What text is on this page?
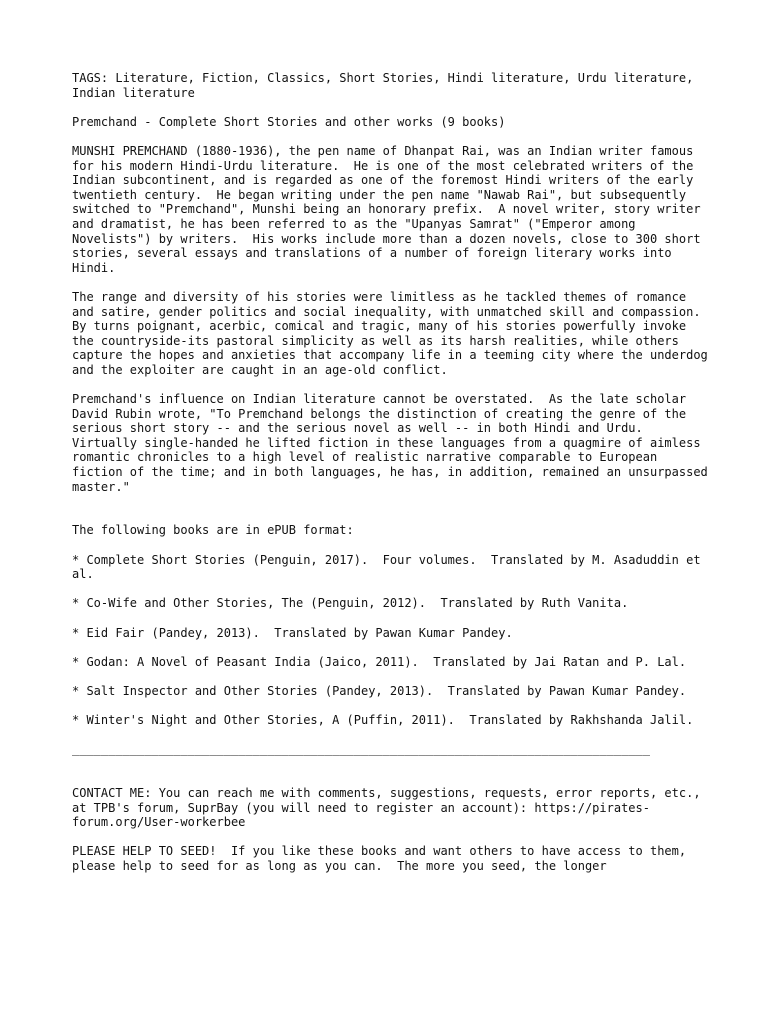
TAGS: Literature, Fiction, Classics, Short Stories, Hindi literature, Urdu literature, Indian literature

Premchand - Complete Short Stories and other works (9 books)

MUNSHI PREMCHAND (1880-1936), the pen name of Dhanpat Rai, was an Indian writer famous for his modern Hindi-Urdu literature.  He is one of the most celebrated writers of the Indian subcontinent, and is regarded as one of the foremost Hindi writers of the early twentieth century.  He began writing under the pen name "Nawab Rai", but subsequently switched to "Premchand", Munshi being an honorary prefix.  A novel writer, story writer and dramatist, he has been referred to as the "Upanyas Samrat" ("Emperor among Novelists") by writers.  His works include more than a dozen novels, close to 300 short stories, several essays and translations of a number of foreign literary works into Hindi.

The range and diversity of his stories were limitless as he tackled themes of romance and satire, gender politics and social inequality, with unmatched skill and compassion.  By turns poignant, acerbic, comical and tragic, many of his stories powerfully invoke the countryside-its pastoral simplicity as well as its harsh realities, while others capture the hopes and anxieties that accompany life in a teeming city where the underdog and the exploiter are caught in an age-old conflict.

Premchand's influence on Indian literature cannot be overstated.  As the late scholar David Rubin wrote, "To Premchand belongs the distinction of creating the genre of the serious short story -- and the serious novel as well -- in both Hindi and Urdu.  Virtually single-handed he lifted fiction in these languages from a quagmire of aimless romantic chronicles to a high level of realistic narrative comparable to European fiction of the time; and in both languages, he has, in addition, remained an unsurpassed master."

The following books are in ePUB format:

* Complete Short Stories (Penguin, 2017).  Four volumes.  Translated by M. Asaduddin et al.

* Co-Wife and Other Stories, The (Penguin, 2012).  Translated by Ruth Vanita.

* Eid Fair (Pandey, 2013).  Translated by Pawan Kumar Pandey.

* Godan: A Novel of Peasant India (Jaico, 2011).  Translated by Jai Ratan and P. Lal.

* Salt Inspector and Other Stories (Pandey, 2013).  Translated by Pawan Kumar Pandey.

* Winter's Night and Other Stories, A (Puffin, 2011).  Translated by Rakhshanda Jalil.

________________________________________________________________________________

CONTACT ME: You can reach me with comments, suggestions, requests, error reports, etc., at TPB's forum, SuprBay (you will need to register an account): https://pirates-forum.org/User-workerbee

PLEASE HELP TO SEED!  If you like these books and want others to have access to them, please help to seed for as long as you can.  The more you seed, the longer
